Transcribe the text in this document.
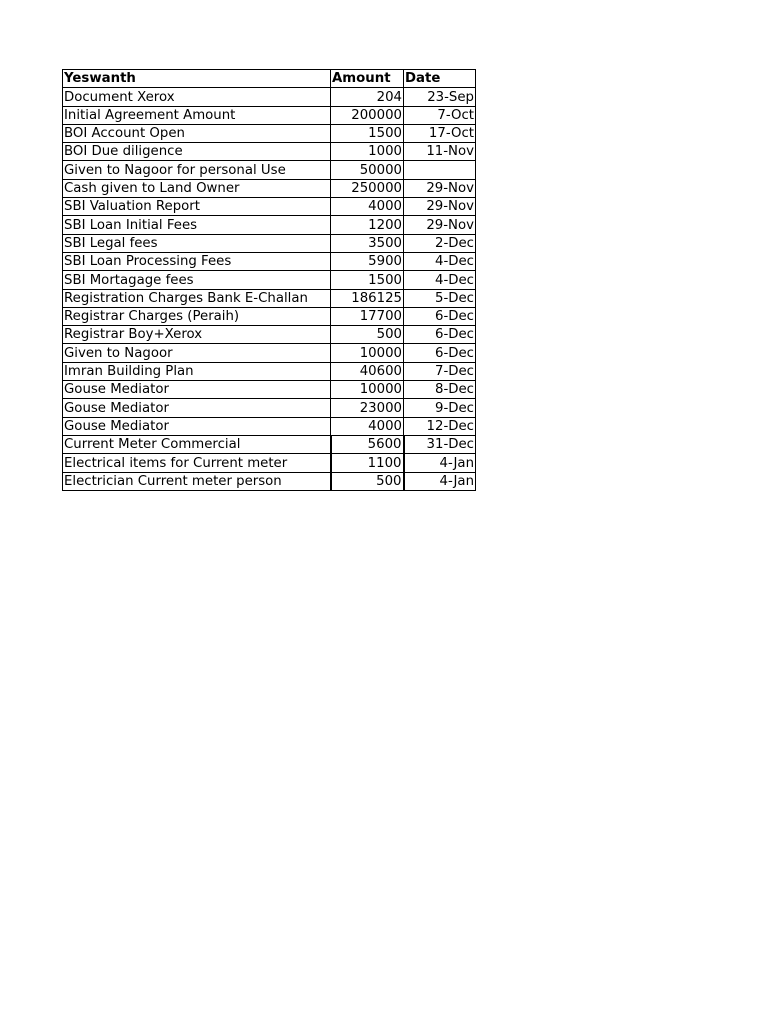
Yeswanth	Amount	Date
Document Xerox	204	23-Sep
Initial Agreement Amount	200000	7-Oct
BOI Account Open	1500	17-Oct
BOI Due diligence	1000	11-Nov
Given to Nagoor for personal Use	50000	
Cash given to Land Owner	250000	29-Nov
SBI Valuation Report	4000	29-Nov
SBI Loan Initial Fees	1200	29-Nov
SBI Legal fees	3500	2-Dec
SBI Loan Processing Fees	5900	4-Dec
SBI Mortagage fees	1500	4-Dec
Registration Charges Bank E-Challan	186125	5-Dec
Registrar Charges (Peraih)	17700	6-Dec
Registrar Boy+Xerox	500	6-Dec
Given to Nagoor	10000	6-Dec
Imran Building Plan	40600	7-Dec
Gouse Mediator	10000	8-Dec
Gouse Mediator	23000	9-Dec
Gouse Mediator	4000	12-Dec
Current Meter Commercial	5600	31-Dec
Electrical items for Current meter	1100	4-Jan
Electrician Current meter person	500	4-Jan
